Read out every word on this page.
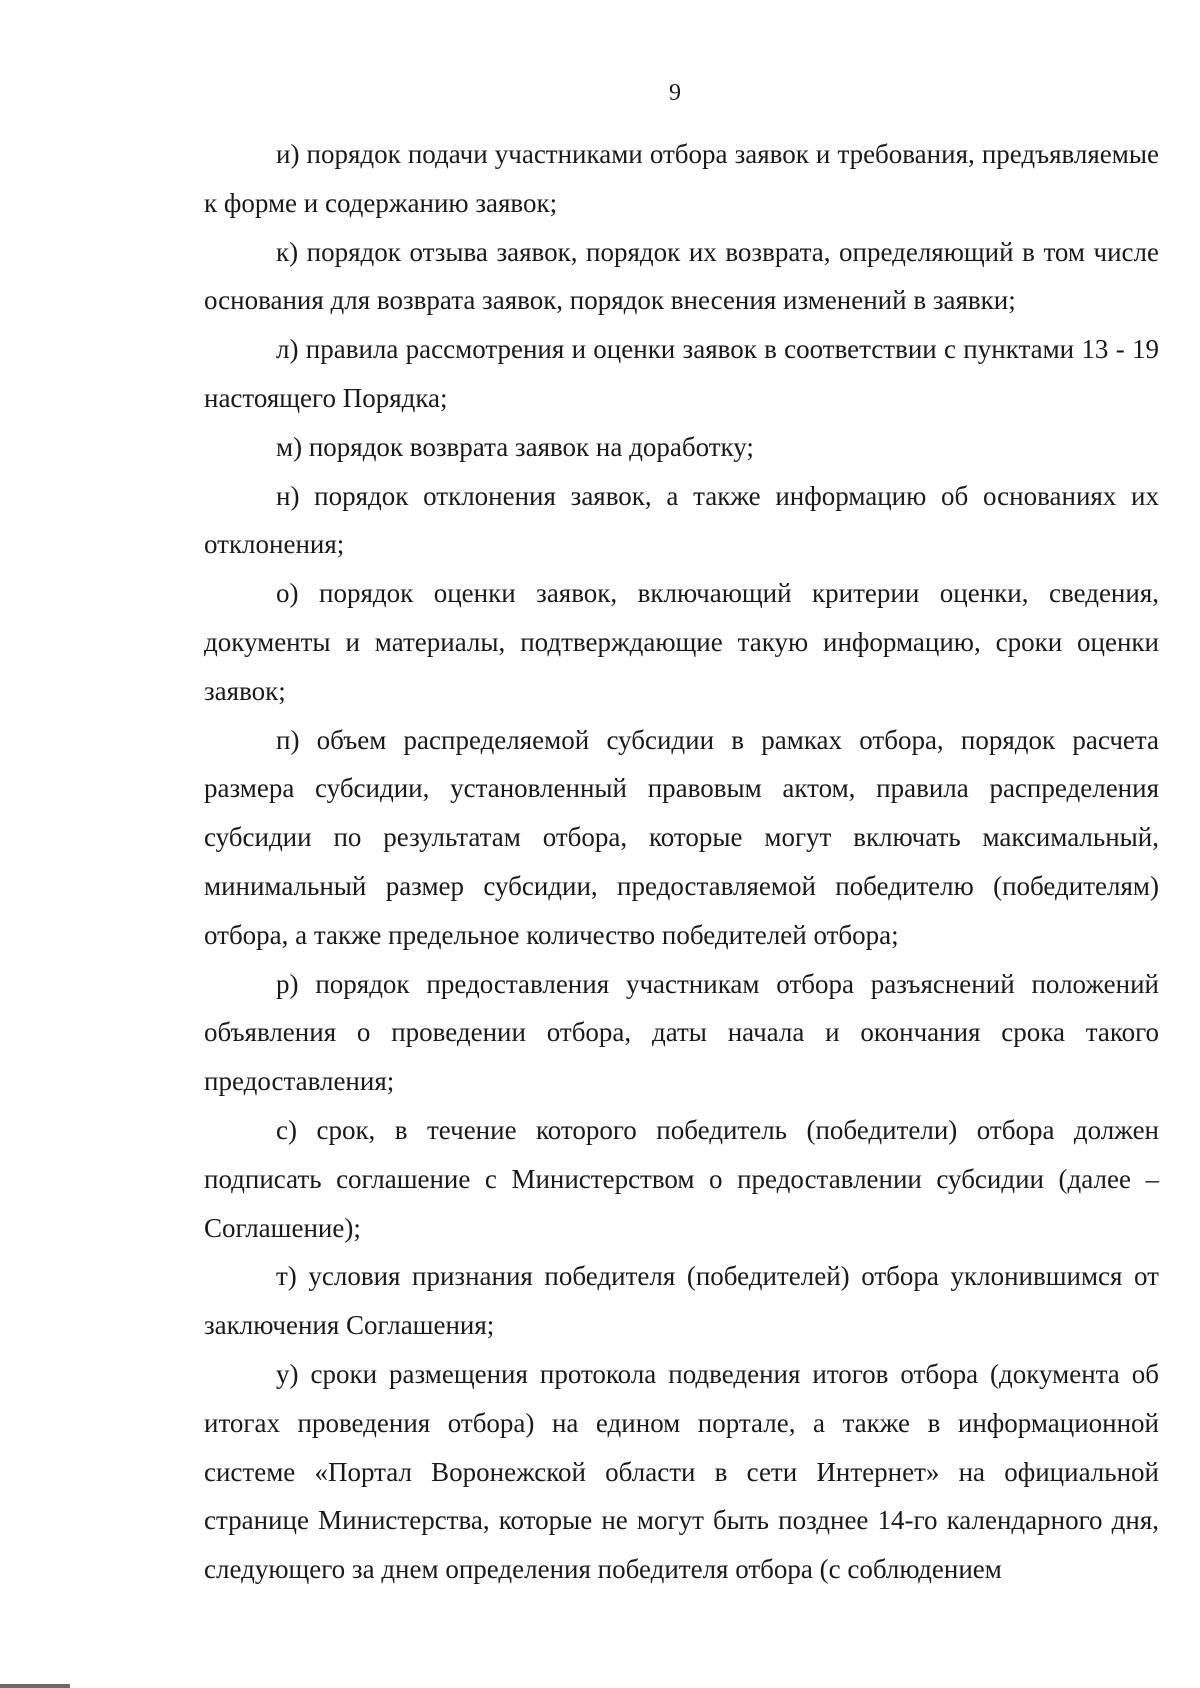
9

и) порядок подачи участниками отбора заявок и требования, предъявляемые к форме и содержанию заявок;

к) порядок отзыва заявок, порядок их возврата, определяющий в том числе основания для возврата заявок, порядок внесения изменений в заявки;

л) правила рассмотрения и оценки заявок в соответствии с пунктами 13 - 19 настоящего Порядка;

м) порядок возврата заявок на доработку;

н) порядок отклонения заявок, а также информацию об основаниях их отклонения;

о) порядок оценки заявок, включающий критерии оценки, сведения, документы и материалы, подтверждающие такую информацию, сроки оценки заявок;

п) объем распределяемой субсидии в рамках отбора, порядок расчета размера субсидии, установленный правовым актом, правила распределения субсидии по результатам отбора, которые могут включать максимальный, минимальный размер субсидии, предоставляемой победителю (победителям) отбора, а также предельное количество победителей отбора;

р) порядок предоставления участникам отбора разъяснений положений объявления о проведении отбора, даты начала и окончания срока такого предоставления;

с) срок, в течение которого победитель (победители) отбора должен подписать соглашение с Министерством о предоставлении субсидии (далее – Соглашение);

т) условия признания победителя (победителей) отбора уклонившимся от заключения Соглашения;

у) сроки размещения протокола подведения итогов отбора (документа об итогах проведения отбора) на едином портале, а также в информационной системе «Портал Воронежской области в сети Интернет» на официальной странице Министерства, которые не могут быть позднее 14-го календарного дня, следующего за днем определения победителя отбора (с соблюдением
